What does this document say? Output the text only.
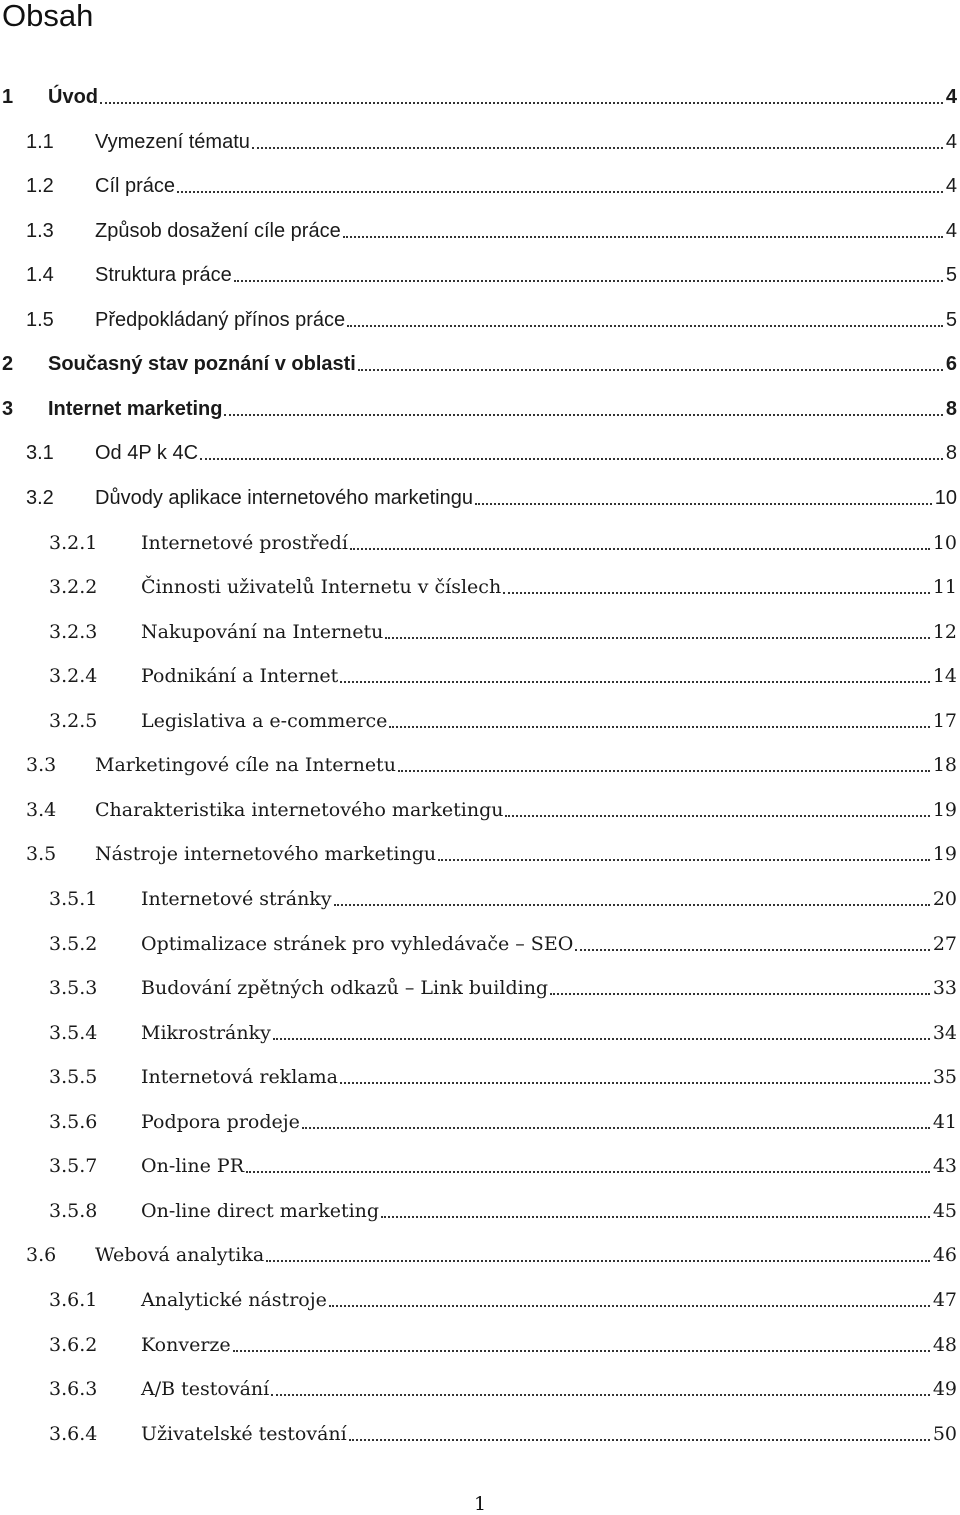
Obsah
1 Úvod	4
1.1 Vymezení tématu	4
1.2 Cíl práce	4
1.3 Způsob dosažení cíle práce	4
1.4 Struktura práce	5
1.5 Předpokládaný přínos práce	5
2 Současný stav poznání v oblasti	6
3 Internet marketing	8
3.1 Od 4P k 4C	8
3.2 Důvody aplikace internetového marketingu	10
3.2.1 Internetové prostředí	10
3.2.2 Činnosti uživatelů Internetu v číslech	11
3.2.3 Nakupování na Internetu	12
3.2.4 Podnikání a Internet	14
3.2.5 Legislativa a e-commerce	17
3.3 Marketingové cíle na Internetu	18
3.4 Charakteristika internetového marketingu	19
3.5 Nástroje internetového marketingu	19
3.5.1 Internetové stránky	20
3.5.2 Optimalizace stránek pro vyhledávače – SEO	27
3.5.3 Budování zpětných odkazů – Link building	33
3.5.4 Mikrostránky	34
3.5.5 Internetová reklama	35
3.5.6 Podpora prodeje	41
3.5.7 On-line PR	43
3.5.8 On-line direct marketing	45
3.6 Webová analytika	46
3.6.1 Analytické nástroje	47
3.6.2 Konverze	48
3.6.3 A/B testování	49
3.6.4 Uživatelské testování	50
1
